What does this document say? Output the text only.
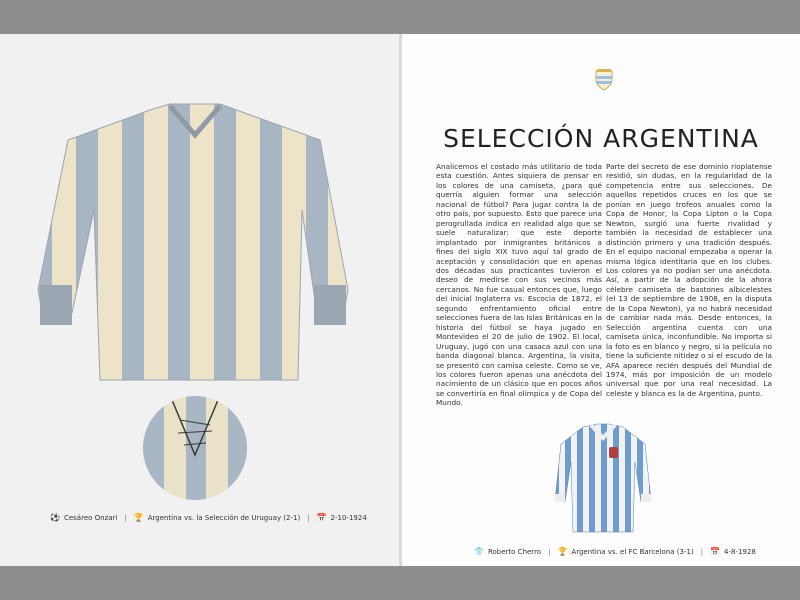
SELECCIÓN ARGENTINA
Analicemos el costado más utilitario de toda esta cuestión. Antes siquiera de pensar en los colores de una camiseta, ¿para qué querría alguien formar una selección nacional de fútbol? Para jugar contra la de otro país, por supuesto. Esto que parece una perogrullada indica en realidad algo que se suele naturalizar: que este deporte implantado por inmigrantes británicos a fines del siglo XIX tuvo aquí tal grado de aceptación y consolidación que en apenas dos décadas sus practicantes tuvieron el deseo de medirse con sus vecinos más cercanos. No fue casual entonces que, luego del inicial Inglaterra vs. Escocia de 1872, el segundo enfrentamiento oficial entre selecciones fuera de las Islas Británicas en la historia del fútbol se haya jugado en Montevideo el 20 de julio de 1902. El local, Uruguay, jugó con una casaca azul con una banda diagonal blanca. Argentina, la visita, se presentó con camisa celeste. Como se ve, los colores fueron apenas una anécdota del nacimiento de un clásico que en pocos años se convertiría en final olímpica y de Copa del Mundo.
Parte del secreto de ese dominio rioplatense residió, sin dudas, en la regularidad de la competencia entre sus selecciones. De aquellos repetidos cruces en los que se ponían en juego trofeos anuales como la Copa de Honor, la Copa Lipton o la Copa Newton, surgió una fuerte rivalidad y también la necesidad de establecer una distinción primero y una tradición después. En el equipo nacional empezaba a operar la misma lógica identitaria que en los clubes. Los colores ya no podían ser una anécdota. Así, a partir de la adopción de la ahora célebre camiseta de bastones albicelestes (el 13 de septiembre de 1908, en la disputa de la Copa Newton), ya no habrá necesidad de cambiar nada más. Desde entonces, la Selección argentina cuenta con una camiseta única, inconfundible. No importa si la foto es en blanco y negro, si la película no tiene la suficiente nitidez o si el escudo de la AFA aparece recién después del Mundial de 1974, más por imposición de un modelo universal que por una real necesidad. La celeste y blanca es la de Argentina, punto.
👕 Roberto Cherro | 🏆 Argentina vs. el FC Barcelona (3-1) | 📅 4-8-1928
⚽ Cesáreo Onzari | 🏆 Argentina vs. la Selección de Uruguay (2-1) | 📅 2-10-1924
